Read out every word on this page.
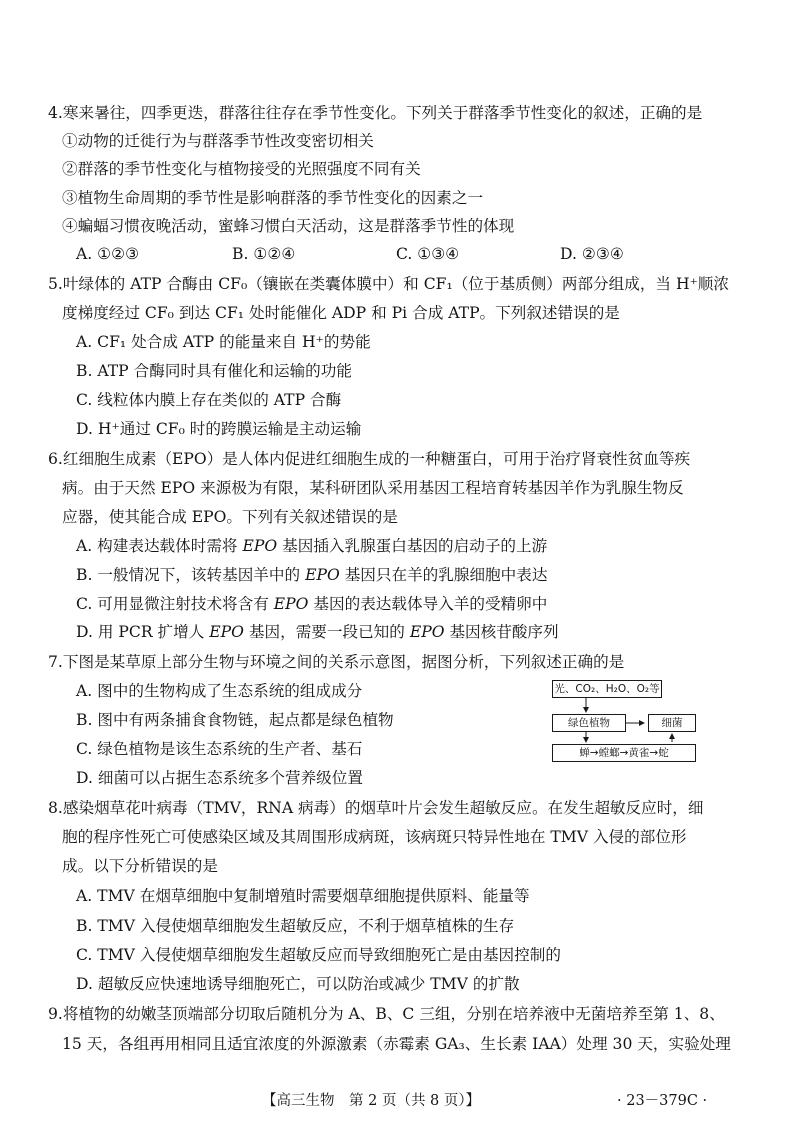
4.寒来暑往，四季更迭，群落往往存在季节性变化。下列关于群落季节性变化的叙述，正确的是
①动物的迁徙行为与群落季节性改变密切相关
②群落的季节性变化与植物接受的光照强度不同有关
③植物生命周期的季节性是影响群落的季节性变化的因素之一
④蝙蝠习惯夜晚活动，蜜蜂习惯白天活动，这是群落季节性的体现
A. ①②③	B. ①②④	C. ①③④	D. ②③④
5.叶绿体的 ATP 合酶由 CF₀（镶嵌在类囊体膜中）和 CF₁（位于基质侧）两部分组成，当 H⁺顺浓
度梯度经过 CF₀ 到达 CF₁ 处时能催化 ADP 和 Pi 合成 ATP。下列叙述错误的是
A. CF₁ 处合成 ATP 的能量来自 H⁺的势能
B. ATP 合酶同时具有催化和运输的功能
C. 线粒体内膜上存在类似的 ATP 合酶
D. H⁺通过 CF₀ 时的跨膜运输是主动运输
6.红细胞生成素（EPO）是人体内促进红细胞生成的一种糖蛋白，可用于治疗肾衰性贫血等疾
病。由于天然 EPO 来源极为有限，某科研团队采用基因工程培育转基因羊作为乳腺生物反
应器，使其能合成 EPO。下列有关叙述错误的是
A. 构建表达载体时需将 EPO 基因插入乳腺蛋白基因的启动子的上游
B. 一般情况下，该转基因羊中的 EPO 基因只在羊的乳腺细胞中表达
C. 可用显微注射技术将含有 EPO 基因的表达载体导入羊的受精卵中
D. 用 PCR 扩增人 EPO 基因，需要一段已知的 EPO 基因核苷酸序列
7.下图是某草原上部分生物与环境之间的关系示意图，据图分析，下列叙述正确的是
A. 图中的生物构成了生态系统的组成成分
B. 图中有两条捕食食物链，起点都是绿色植物
C. 绿色植物是该生态系统的生产者、基石
D. 细菌可以占据生态系统多个营养级位置
光、CO₂、H₂O、O₂等
绿色植物	细菌
蝉→螳螂→黄雀→蛇
8.感染烟草花叶病毒（TMV，RNA 病毒）的烟草叶片会发生超敏反应。在发生超敏反应时，细
胞的程序性死亡可使感染区域及其周围形成病斑，该病斑只特异性地在 TMV 入侵的部位形
成。以下分析错误的是
A. TMV 在烟草细胞中复制增殖时需要烟草细胞提供原料、能量等
B. TMV 入侵使烟草细胞发生超敏反应，不利于烟草植株的生存
C. TMV 入侵使烟草细胞发生超敏反应而导致细胞死亡是由基因控制的
D. 超敏反应快速地诱导细胞死亡，可以防治或减少 TMV 的扩散
9.将植物的幼嫩茎顶端部分切取后随机分为 A、B、C 三组，分别在培养液中无菌培养至第 1、8、
15 天，各组再用相同且适宜浓度的外源激素（赤霉素 GA₃、生长素 IAA）处理 30 天，实验处理
【高三生物　第 2 页（共 8 页）】	· 23－379C ·
